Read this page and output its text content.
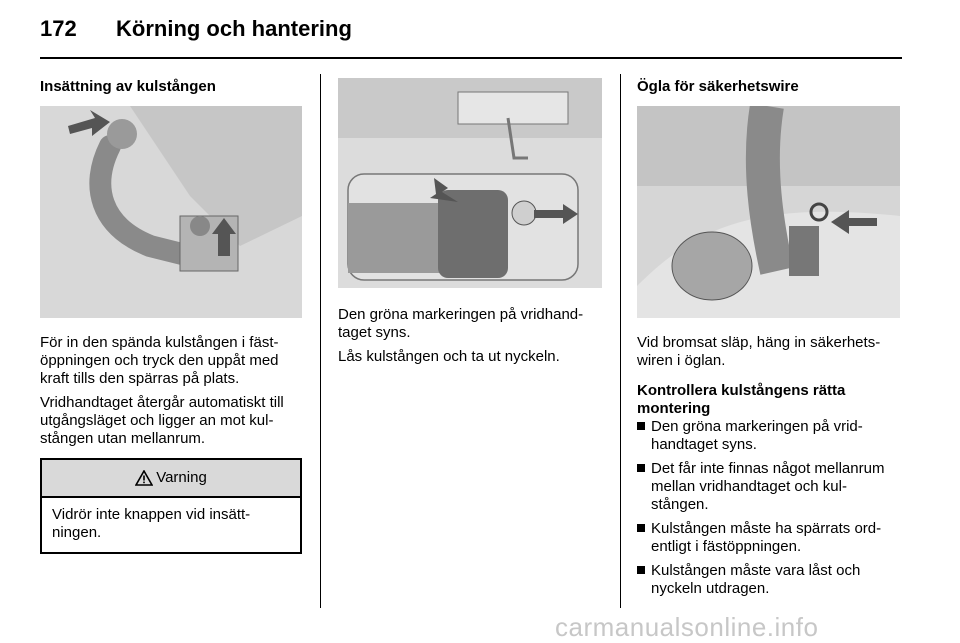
172 Körning och hantering
Insättning av kulstången

För in den spända kulstången i fäst-öppningen och tryck den uppåt med kraft tills den spärras på plats.

Vridhandtaget återgår automatiskt till utgångsläget och ligger an mot kul-stången utan mellanrum.

Varning
Vidrör inte knappen vid insätt-ningen.

Den gröna markeringen på vridhand-taget syns.

Lås kulstången och ta ut nyckeln.

Ögla för säkerhetswire

Vid bromsat släp, häng in säkerhets-wiren i öglan.

Kontrollera kulstångens rätta montering
Den gröna markeringen på vrid-handtaget syns.
Det får inte finnas något mellanrum mellan vridhandtaget och kul-stången.
Kulstången måste ha spärrats ord-entligt i fästöppningen.
Kulstången måste vara låst och nyckeln utdragen.
carmanualsonline.info
